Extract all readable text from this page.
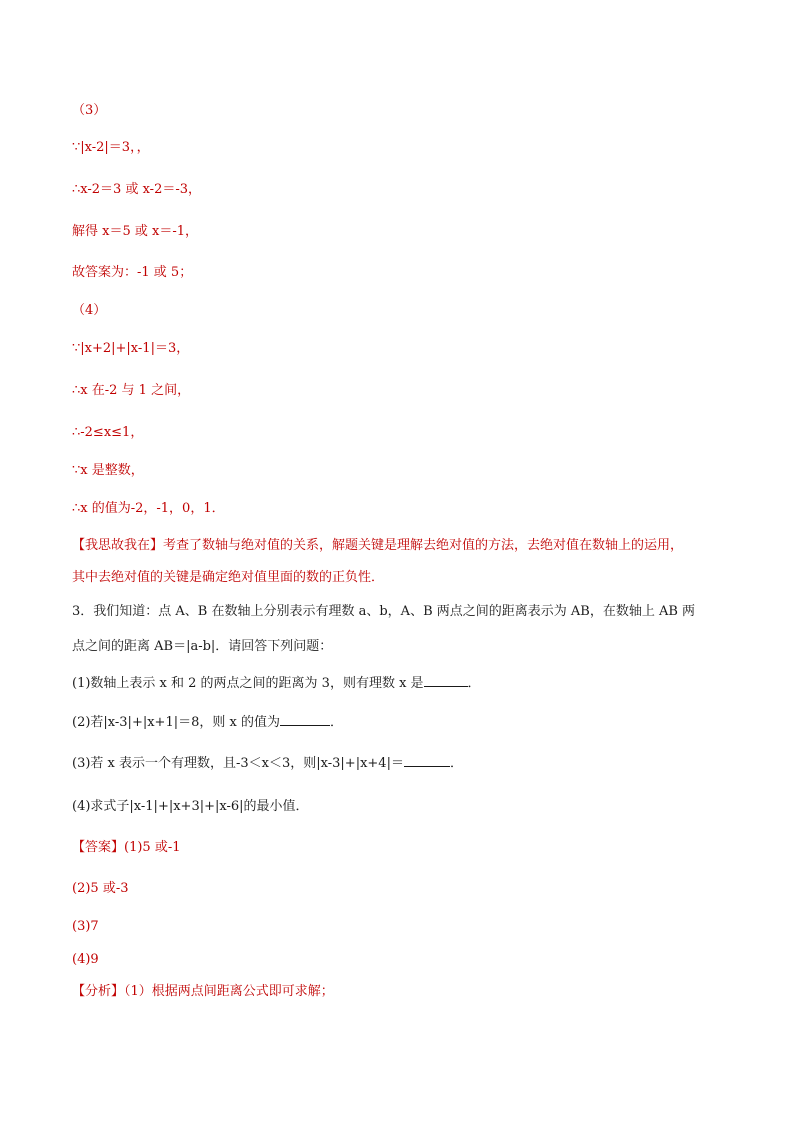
（3）
∵|x-2|＝3，，
∴x-2＝3 或 x-2＝-3，
解得 x＝5 或 x＝-1，
故答案为：-1 或 5；
（4）
∵|x+2|+|x-1|＝3，
∴x 在-2 与 1 之间，
∴-2≤x≤1，
∵x 是整数，
∴x 的值为-2，-1，0，1．
【我思故我在】考查了数轴与绝对值的关系，解题关键是理解去绝对值的方法，去绝对值在数轴上的运用，
其中去绝对值的关键是确定绝对值里面的数的正负性．
3．我们知道：点 A、B 在数轴上分别表示有理数 a、b，A、B 两点之间的距离表示为 AB，在数轴上 AB 两
点之间的距离 AB＝|a-b|．请回答下列问题：
(1)数轴上表示 x 和 2 的两点之间的距离为 3，则有理数 x 是	．
(2)若|x-3|+|x+1|＝8，则 x 的值为	．
(3)若 x 表示一个有理数，且-3＜x＜3，则|x-3|+|x+4|＝	．
(4)求式子|x-1|+|x+3|+|x-6|的最小值．
【答案】(1)5 或-1
(2)5 或-3
(3)7
(4)9
【分析】（1）根据两点间距离公式即可求解；
